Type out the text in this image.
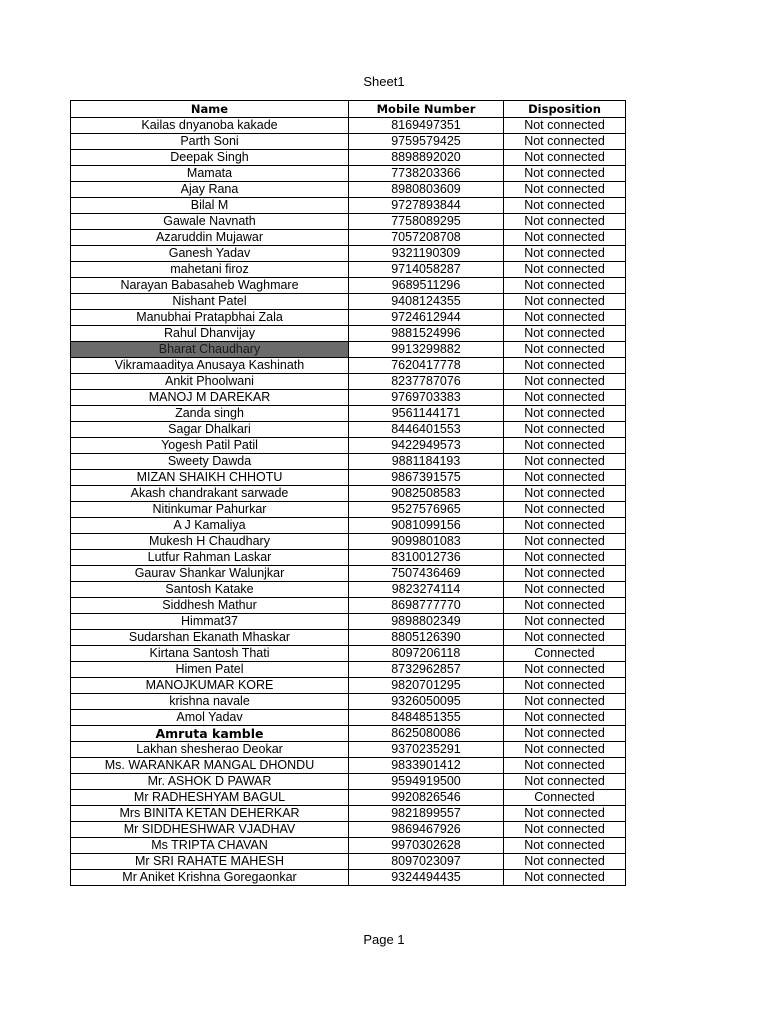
Sheet1
Name	Mobile Number	Disposition
Kailas dnyanoba kakade	8169497351	Not connected
Parth Soni	9759579425	Not connected
Deepak Singh	8898892020	Not connected
Mamata	7738203366	Not connected
Ajay Rana	8980803609	Not connected
Bilal M	9727893844	Not connected
Gawale Navnath	7758089295	Not connected
Azaruddin Mujawar	7057208708	Not connected
Ganesh Yadav	9321190309	Not connected
mahetani firoz	9714058287	Not connected
Narayan Babasaheb Waghmare	9689511296	Not connected
Nishant Patel	9408124355	Not connected
Manubhai Pratapbhai Zala	9724612944	Not connected
Rahul Dhanvijay	9881524996	Not connected
Bharat Chaudhary	9913299882	Not connected
Vikramaaditya Anusaya Kashinath	7620417778	Not connected
Ankit Phoolwani	8237787076	Not connected
MANOJ M DAREKAR	9769703383	Not connected
Zanda singh	9561144171	Not connected
Sagar Dhalkari	8446401553	Not connected
Yogesh Patil Patil	9422949573	Not connected
Sweety Dawda	9881184193	Not connected
MIZAN SHAIKH CHHOTU	9867391575	Not connected
Akash chandrakant sarwade	9082508583	Not connected
Nitinkumar Pahurkar	9527576965	Not connected
A J Kamaliya	9081099156	Not connected
Mukesh H Chaudhary	9099801083	Not connected
Lutfur Rahman Laskar	8310012736	Not connected
Gaurav Shankar Walunjkar	7507436469	Not connected
Santosh Katake	9823274114	Not connected
Siddhesh Mathur	8698777770	Not connected
Himmat37	9898802349	Not connected
Sudarshan Ekanath Mhaskar	8805126390	Not connected
Kirtana Santosh Thati	8097206118	Connected
Himen Patel	8732962857	Not connected
MANOJKUMAR KORE	9820701295	Not connected
krishna navale	9326050095	Not connected
Amol Yadav	8484851355	Not connected
Amruta kamble	8625080086	Not connected
Lakhan shesherao Deokar	9370235291	Not connected
Ms. WARANKAR MANGAL DHONDU	9833901412	Not connected
Mr. ASHOK D PAWAR	9594919500	Not connected
Mr RADHESHYAM BAGUL	9920826546	Connected
Mrs BINITA KETAN DEHERKAR	9821899557	Not connected
Mr SIDDHESHWAR VJADHAV	9869467926	Not connected
Ms TRIPTA CHAVAN	9970302628	Not connected
Mr SRI RAHATE MAHESH	8097023097	Not connected
Mr Aniket Krishna Goregaonkar	9324494435	Not connected
Page 1
